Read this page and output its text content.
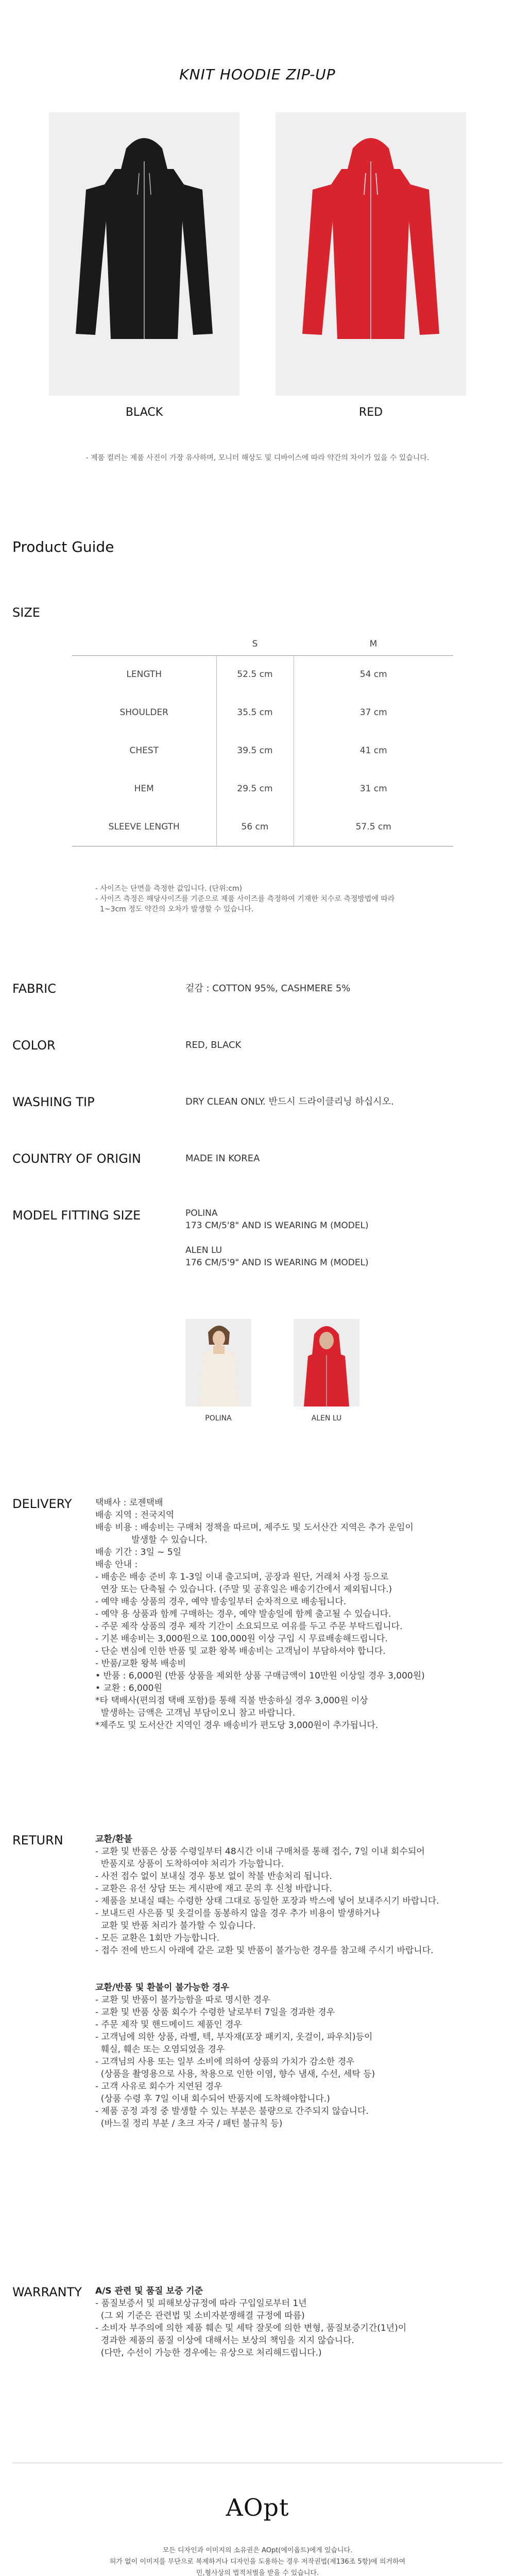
KNIT HOODIE ZIP-UP
BLACK	RED
- 제품 컬러는 제품 사진이 가장 유사하며, 모니터 해상도 및 디바이스에 따라 약간의 차이가 있을 수 있습니다.
Product Guide
SIZE
	S	M
LENGTH	52.5 cm	54 cm
SHOULDER	35.5 cm	37 cm
CHEST	39.5 cm	41 cm
HEM	29.5 cm	31 cm
SLEEVE LENGTH	56 cm	57.5 cm
- 사이즈는 단면을 측정한 값입니다. (단위:cm)
- 사이즈 측정은 해당사이즈를 기준으로 제품 사이즈를 측정하여 기재한 치수로 측정방법에 따라
1~3cm 정도 약간의 오차가 발생할 수 있습니다.
FABRIC	겉감 : COTTON 95%, CASHMERE 5%
COLOR	RED, BLACK
WASHING TIP	DRY CLEAN ONLY. 반드시 드라이클리닝 하십시오.
COUNTRY OF ORIGIN	MADE IN KOREA
MODEL FITTING SIZE	POLINA
173 CM/5'8" AND IS WEARING M (MODEL)
ALEN LU
176 CM/5'9" AND IS WEARING M (MODEL)
POLINA	ALEN LU
DELIVERY	택배사 : 로젠택배
배송 지역 : 전국지역
배송 비용 : 배송비는 구매처 정책을 따르며, 제주도 및 도서산간 지역은 추가 운임이
발생할 수 있습니다.
배송 기간 : 3일 ~ 5일
배송 안내 :
- 배송은 배송 준비 후 1-3일 이내 출고되며, 공장과 원단, 거래처 사정 등으로
연장 또는 단축될 수 있습니다. (주말 및 공휴일은 배송기간에서 제외됩니다.)
- 예약 배송 상품의 경우, 예약 발송일부터 순차적으로 배송됩니다.
- 예약 용 상품과 함께 구매하는 경우, 예약 발송일에 함께 출고될 수 있습니다.
- 주문 제작 상품의 경우 제작 기간이 소요되므로 여유를 두고 주문 부탁드립니다.
- 기본 배송비는 3,000원으로 100,000원 이상 구입 시 무료배송해드립니다.
- 단순 변심에 인한 반품 및 교환 왕복 배송비는 고객님이 부담하셔야 합니다.
- 반품/교환 왕복 배송비
• 반품 : 6,000원 (반품 상품을 제외한 상품 구매금액이 10만원 이상일 경우 3,000원)
• 교환 : 6,000원
*타 택배사(편의점 택배 포함)를 통해 직불 반송하실 경우 3,000원 이상
발생하는 금액은 고객님 부담이오니 참고 바랍니다.
*제주도 및 도서산간 지역인 경우 배송비가 편도당 3,000원이 추가됩니다.
RETURN	교환/환불
- 교환 및 반품은 상품 수령일부터 48시간 이내 구매처를 통해 접수, 7일 이내 회수되어
반품지로 상품이 도착하여야 처리가 가능합니다.
- 사전 접수 없이 보내실 경우 통보 없이 착불 반송처리 됩니다.
- 교환은 유선 상담 또는 게시판에 재고 문의 후 신청 바랍니다.
- 제품을 보내실 때는 수령한 상태 그대로 동일한 포장과 박스에 넣어 보내주시기 바랍니다.
- 보내드린 사은품 및 옷걸이를 동봉하지 않을 경우 추가 비용이 발생하거나
교환 및 반품 처리가 불가할 수 있습니다.
- 모든 교환은 1회만 가능합니다.
- 접수 전에 반드시 아래에 같은 교환 및 반품이 불가능한 경우를 참고해 주시기 바랍니다.
교환/반품 및 환불이 불가능한 경우
- 교환 및 반품이 불가능함을 따로 명시한 경우
- 교환 및 반품 상품 회수가 수령한 날로부터 7일을 경과한 경우
- 주문 제작 및 핸드메이드 제품인 경우
- 고객님에 의한 상품, 라벨, 텍, 부자재(포장 패키지, 옷걸이, 파우치)등이
훼실, 훼손 또는 오염되었을 경우
- 고객님의 사용 또는 일부 소비에 의하여 상품의 가치가 감소한 경우
(상품을 촬영용으로 사용, 착용으로 인한 이염, 향수 냄새, 수선, 세탁 등)
- 고객 사유로 회수가 지연된 경우
(상품 수령 후 7일 이내 회수되어 반품지에 도착해야합니다.)
- 제품 공정 과정 중 발생할 수 있는 부분은 불량으로 간주되지 않습니다.
(바느질 정리 부분 / 초크 자국 / 패턴 불규칙 등)
WARRANTY A/S 관련 및 품질 보증 기준
- 품질보증서 및 피해보상규정에 따라 구입일로부터 1년
(그 외 기준은 관련법 및 소비자분쟁해결 규정에 따름)
- 소비자 부주의에 의한 제품 훼손 및 세탁 잘못에 의한 변형, 품질보증기간(1년)이
경과한 제품의 품질 이상에 대해서는 보상의 책임을 지지 않습니다.
(다만, 수선이 가능한 경우에는 유상으로 처리해드립니다.)
AOpt
모든 디자인과 이미지의 소유권은 AOpt(에이옵트)에게 있습니다.
허가 없이 이미지를 무단으로 복제하거나 디자인을 도용하는 경우 저작권법(제136조 5항)에 의거하여
민,형사상의 법적처벌을 받을 수 있습니다.
